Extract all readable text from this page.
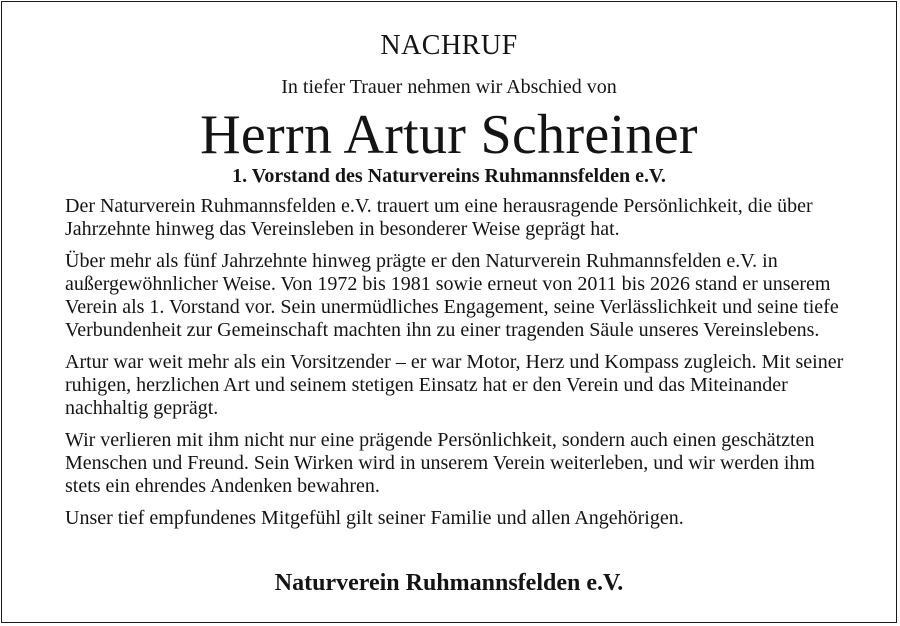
NACHRUF
In tiefer Trauer nehmen wir Abschied von
Herrn Artur Schreiner
1. Vorstand des Naturvereins Ruhmannsfelden e.V.

Der Naturverein Ruhmannsfelden e.V. trauert um eine herausragende Persönlichkeit, die über Jahrzehnte hinweg das Vereinsleben in besonderer Weise geprägt hat.

Über mehr als fünf Jahrzehnte hinweg prägte er den Naturverein Ruhmannsfelden e.V. in außergewöhnlicher Weise. Von 1972 bis 1981 sowie erneut von 2011 bis 2026 stand er unserem Verein als 1. Vorstand vor. Sein unermüdliches Engagement, seine Verlässlichkeit und seine tiefe Verbundenheit zur Gemeinschaft machten ihn zu einer tragenden Säule unseres Vereinslebens.

Artur war weit mehr als ein Vorsitzender – er war Motor, Herz und Kompass zugleich. Mit seiner ruhigen, herzlichen Art und seinem stetigen Einsatz hat er den Verein und das Miteinander nachhaltig geprägt.

Wir verlieren mit ihm nicht nur eine prägende Persönlichkeit, sondern auch einen geschätzten Menschen und Freund. Sein Wirken wird in unserem Verein weiterleben, und wir werden ihm stets ein ehrendes Andenken bewahren.

Unser tief empfundenes Mitgefühl gilt seiner Familie und allen Angehörigen.

Naturverein Ruhmannsfelden e.V.
